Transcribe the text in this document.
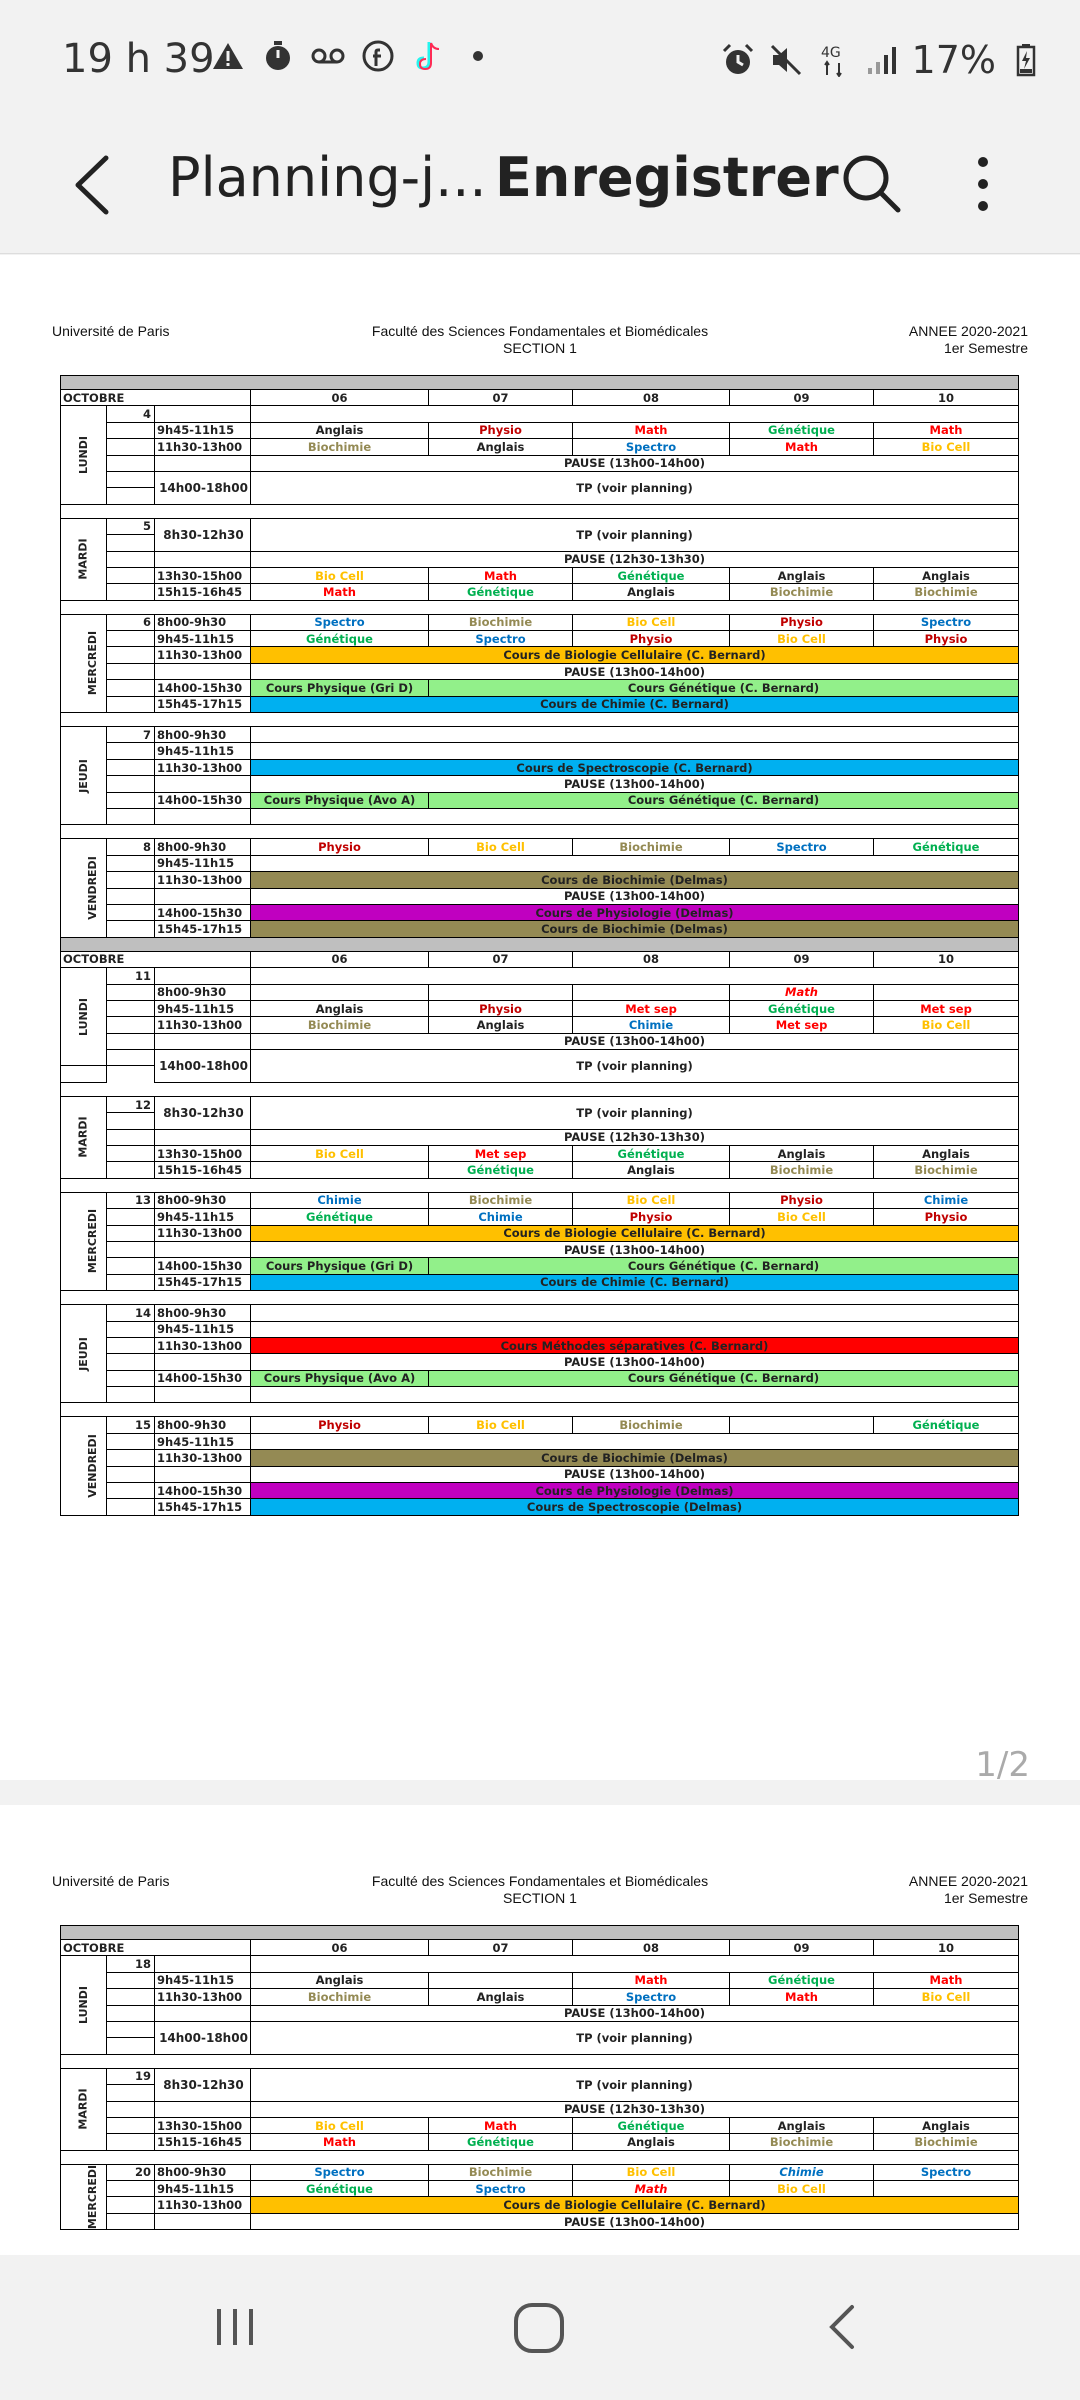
19 h 39	4G 17%
Planning-j... Enregistrer
Université de Paris	Faculté des Sciences Fondamentales et Biomédicales
SECTION 1
ANNEE 2020-2021
1er Semestre

OCTOBRE			06	07	08	09	10
LUNDI	4						
		9h45-11h15	Anglais	Physio	Math	Génétique	Math
		11h30-13h00	Biochimie	Anglais	Spectro	Math	Bio Cell
			PAUSE (13h00-14h00)				
		14h00-18h00	TP (voir planning)				

MARDI	5	8h30-12h30	TP (voir planning)				

			PAUSE (12h30-13h30)				
		13h30-15h00	Bio Cell	Math	Génétique	Anglais	Anglais
		15h15-16h45	Math	Génétique	Anglais	Biochimie	Biochimie

MERCREDI	6	8h00-9h30	Spectro	Biochimie	Bio Cell	Physio	Spectro
		9h45-11h15	Génétique	Spectro	Physio	Bio Cell	Physio
		11h30-13h00	Cours de Biologie Cellulaire (C. Bernard)				
			PAUSE (13h00-14h00)				
		14h00-15h30	Cours Physique (Gri D)	Cours Génétique (C. Bernard)			
		15h45-17h15	Cours de Chimie (C. Bernard)				

JEUDI	7	8h00-9h30					
		9h45-11h15					
		11h30-13h00	Cours de Spectroscopie (C. Bernard)				
			PAUSE (13h00-14h00)				
		14h00-15h30	Cours Physique (Avo A)	Cours Génétique (C. Bernard)			

VENDREDI	8	8h00-9h30	Physio	Bio Cell	Biochimie	Spectro	Génétique
		9h45-11h15					
		11h30-13h00	Cours de Biochimie (Delmas)				
			PAUSE (13h00-14h00)				
		14h00-15h30	Cours de Physiologie (Delmas)				
		15h45-17h15	Cours de Biochimie (Delmas)				

OCTOBRE			06	07	08	09	10
LUNDI	11						
		8h00-9h30				Math	
		9h45-11h15	Anglais	Physio	Met sep	Génétique	Met sep
		11h30-13h00	Biochimie	Anglais	Chimie	Met sep	Bio Cell
			PAUSE (13h00-14h00)				
		14h00-18h00	TP (voir planning)				

MARDI	12	8h30-12h30	TP (voir planning)				

			PAUSE (12h30-13h30)				
		13h30-15h00	Bio Cell	Met sep	Génétique	Anglais	Anglais
		15h15-16h45		Génétique	Anglais	Biochimie	Biochimie

MERCREDI	13	8h00-9h30	Chimie	Biochimie	Bio Cell	Physio	Chimie
		9h45-11h15	Génétique	Chimie	Physio	Bio Cell	Physio
		11h30-13h00	Cours de Biologie Cellulaire (C. Bernard)				
			PAUSE (13h00-14h00)				
		14h00-15h30	Cours Physique (Gri D)	Cours Génétique (C. Bernard)			
		15h45-17h15	Cours de Chimie (C. Bernard)				

JEUDI	14	8h00-9h30					
		9h45-11h15					
		11h30-13h00	Cours Méthodes séparatives (C. Bernard)				
			PAUSE (13h00-14h00)				
		14h00-15h30	Cours Physique (Avo A)	Cours Génétique (C. Bernard)			

VENDREDI	15	8h00-9h30	Physio	Bio Cell	Biochimie		Génétique
		9h45-11h15					
		11h30-13h00	Cours de Biochimie (Delmas)				
			PAUSE (13h00-14h00)				
		14h00-15h30	Cours de Physiologie (Delmas)				
		15h45-17h15	Cours de Spectroscopie (Delmas)				
1/2
Université de Paris	Faculté des Sciences Fondamentales et Biomédicales
SECTION 1
ANNEE 2020-2021
1er Semestre

OCTOBRE			06	07	08	09	10
LUNDI	18						
		9h45-11h15	Anglais		Math	Génétique	Math
		11h30-13h00	Biochimie	Anglais	Spectro	Math	Bio Cell
			PAUSE (13h00-14h00)				
		14h00-18h00	TP (voir planning)				

MARDI	19	8h30-12h30	TP (voir planning)				

			PAUSE (12h30-13h30)				
		13h30-15h00	Bio Cell	Math	Génétique	Anglais	Anglais
		15h15-16h45	Math	Génétique	Anglais	Biochimie	Biochimie

MERCREDI	20	8h00-9h30	Spectro	Biochimie	Bio Cell	Chimie	Spectro
		9h45-11h15	Génétique	Spectro	Math	Bio Cell	
		11h30-13h00	Cours de Biologie Cellulaire (C. Bernard)				
			PAUSE (13h00-14h00)				
